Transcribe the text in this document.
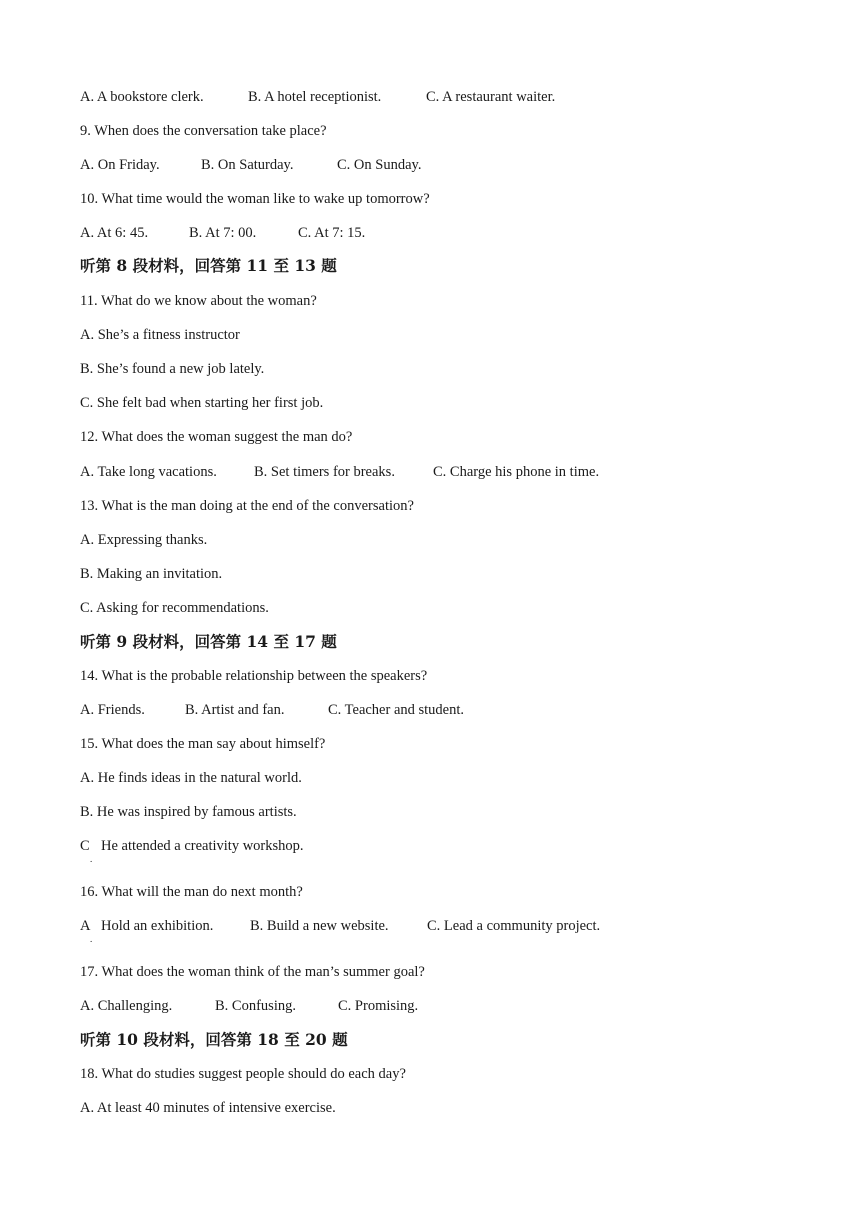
A. A bookstore clerk.	B. A hotel receptionist.	C. A restaurant waiter.
9. When does the conversation take place?
A. On Friday.	B. On Saturday.	C. On Sunday.
10. What time would the woman like to wake up tomorrow?
A. At 6: 45.	B. At 7: 00.	C. At 7: 15.
听第 8 段材料，回答第 11 至 13 题
11. What do we know about the woman?
A. She’s a fitness instructor
B. She’s found a new job lately.
C. She felt bad when starting her first job.
12. What does the woman suggest the man do?
A. Take long vacations.	B. Set timers for breaks.	C. Charge his phone in time.
13. What is the man doing at the end of the conversation?
A. Expressing thanks.
B. Making an invitation.
C. Asking for recommendations.
听第 9 段材料，回答第 14 至 17 题
14. What is the probable relationship between the speakers?
A. Friends.	B. Artist and fan.	C. Teacher and student.
15. What does the man say about himself?
A. He finds ideas in the natural world.
B. He was inspired by famous artists.
C
.
He attended a creativity workshop.
16. What will the man do next month?
A
.
Hold an exhibition.	B. Build a new website.	C. Lead a community project.
17. What does the woman think of the man’s summer goal?
A. Challenging.	B. Confusing.	C. Promising.
听第 10 段材料，回答第 18 至 20 题
18. What do studies suggest people should do each day?
A. At least 40 minutes of intensive exercise.
